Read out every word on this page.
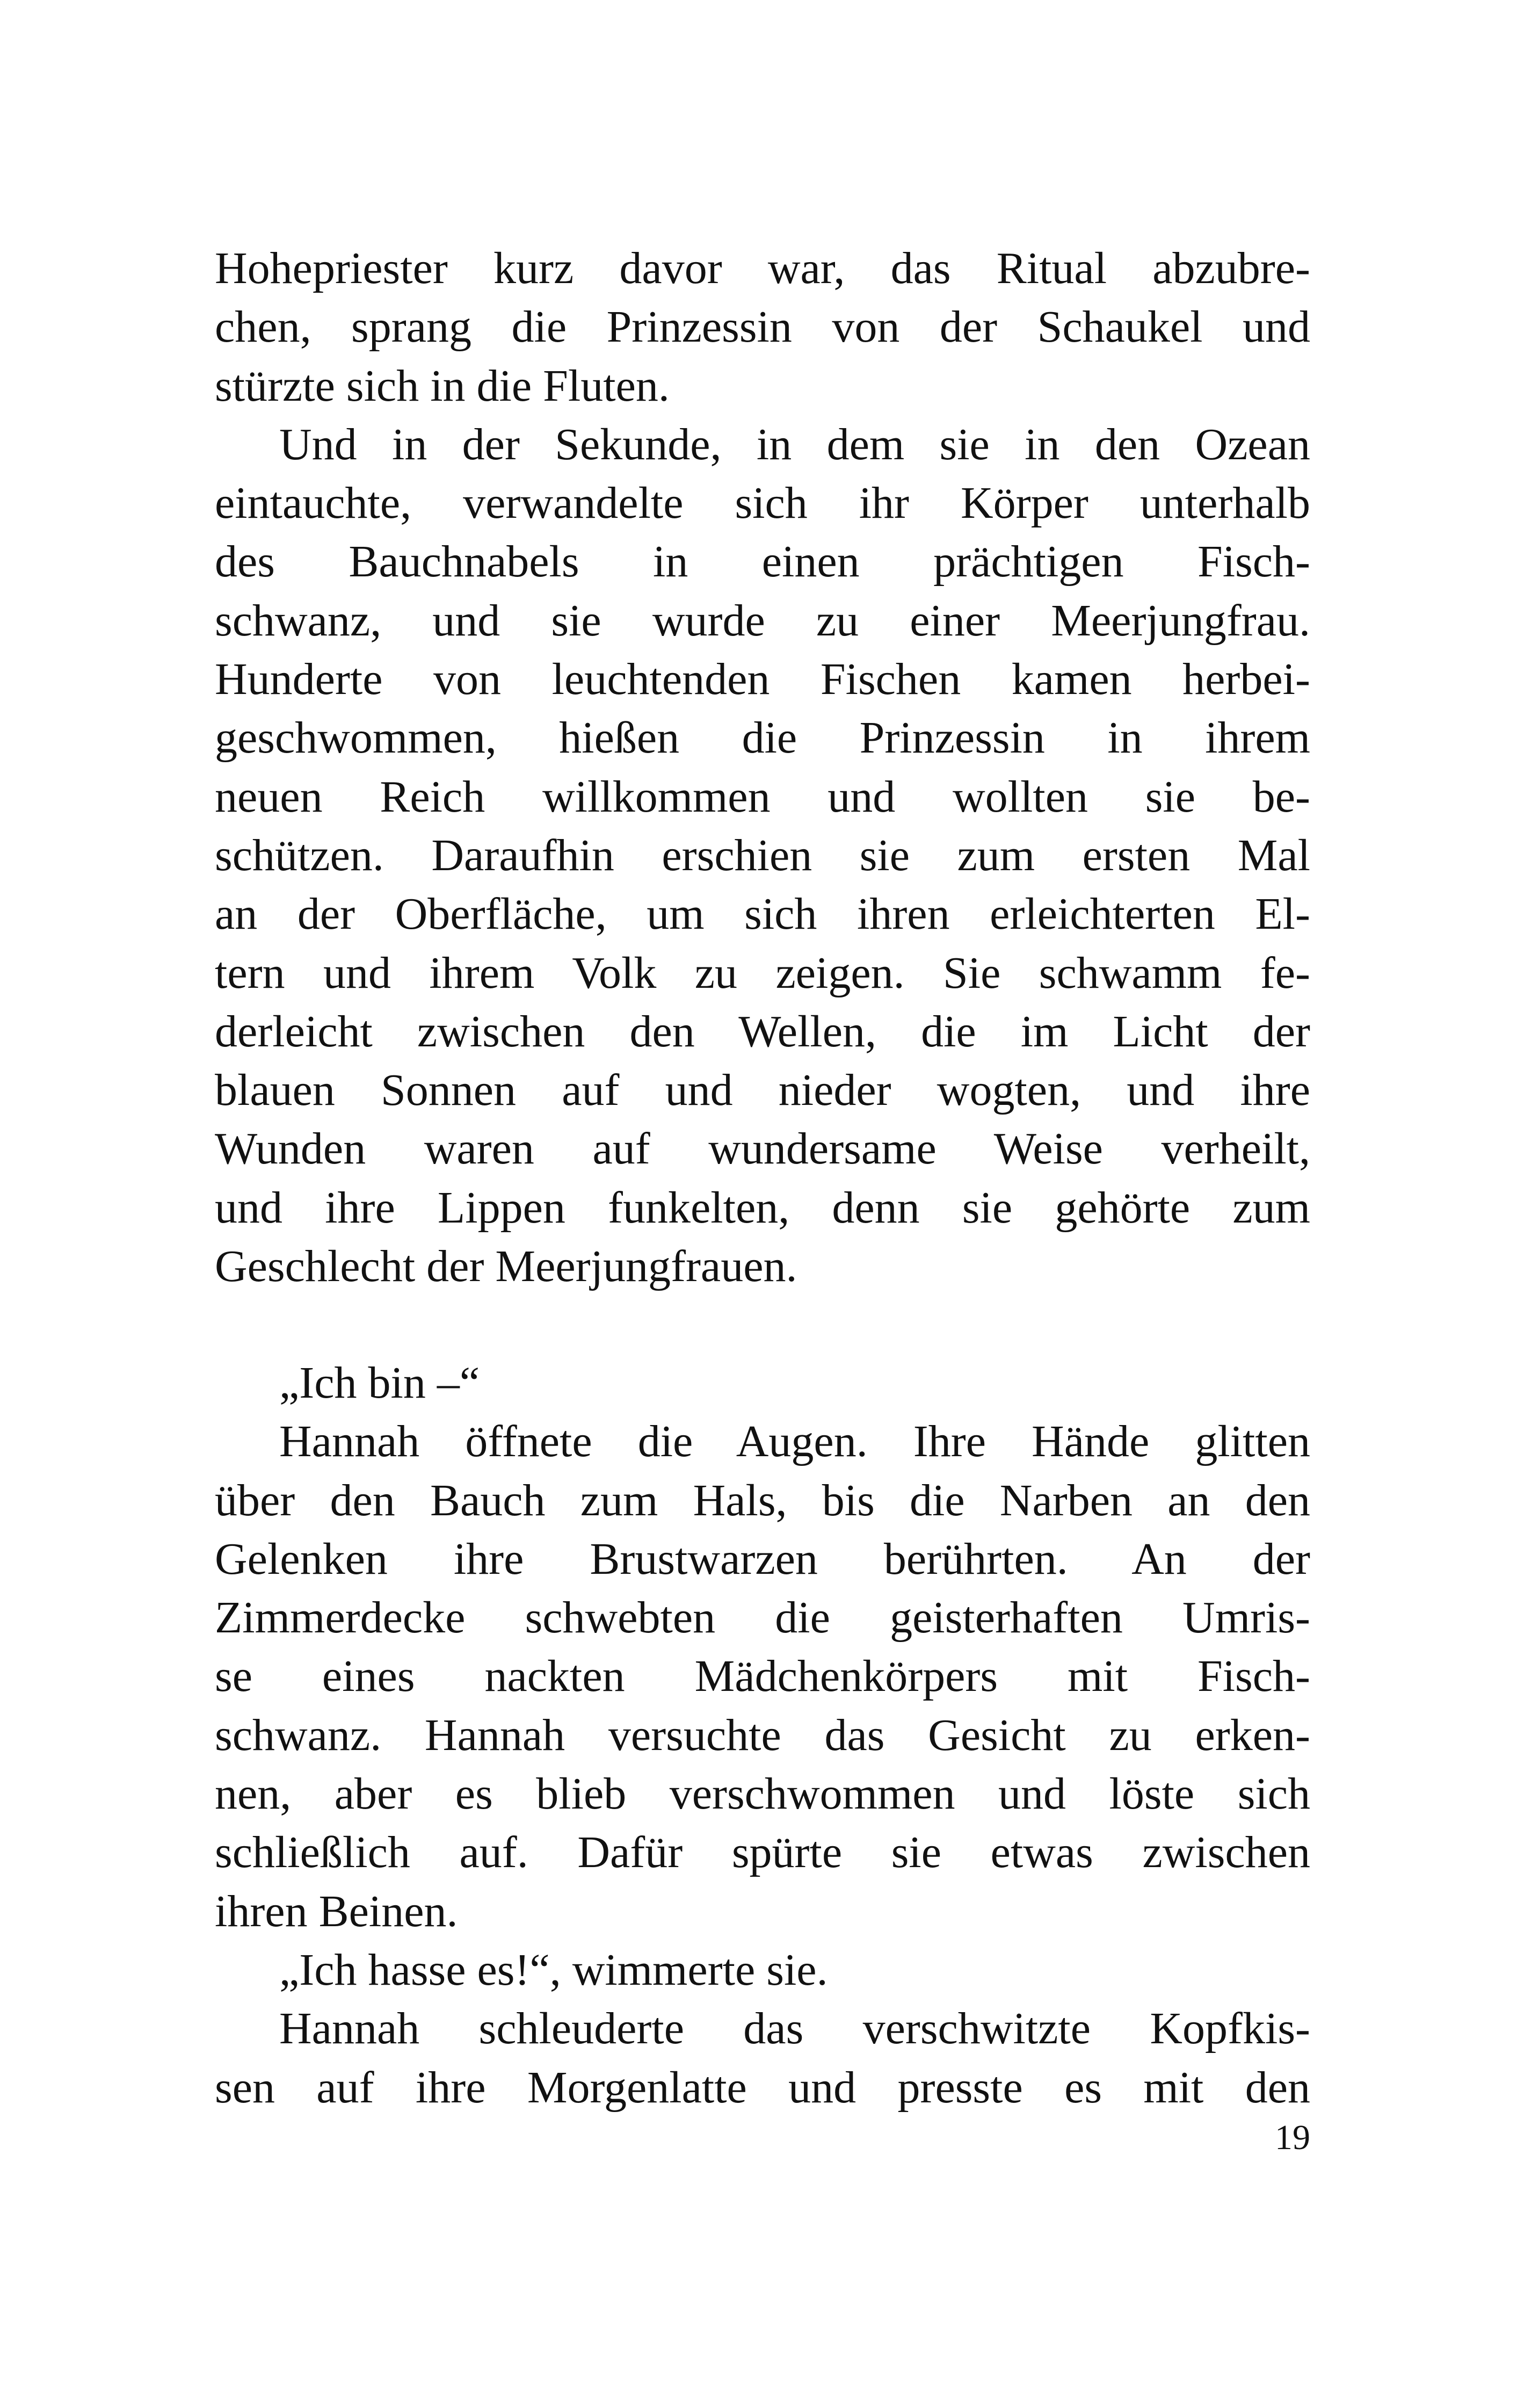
Hohepriester kurz davor war, das Ritual abzubre-
chen, sprang die Prinzessin von der Schaukel und
stürzte sich in die Fluten.
Und in der Sekunde, in dem sie in den Ozean
eintauchte, verwandelte sich ihr Körper unterhalb
des Bauchnabels in einen prächtigen Fisch-
schwanz, und sie wurde zu einer Meerjungfrau.
Hunderte von leuchtenden Fischen kamen herbei-
geschwommen, hießen die Prinzessin in ihrem
neuen Reich willkommen und wollten sie be-
schützen. Daraufhin erschien sie zum ersten Mal
an der Oberfläche, um sich ihren erleichterten El-
tern und ihrem Volk zu zeigen. Sie schwamm fe-
derleicht zwischen den Wellen, die im Licht der
blauen Sonnen auf und nieder wogten, und ihre
Wunden waren auf wundersame Weise verheilt,
und ihre Lippen funkelten, denn sie gehörte zum
Geschlecht der Meerjungfrauen.
„Ich bin –“
Hannah öffnete die Augen. Ihre Hände glitten
über den Bauch zum Hals, bis die Narben an den
Gelenken ihre Brustwarzen berührten. An der
Zimmerdecke schwebten die geisterhaften Umris-
se eines nackten Mädchenkörpers mit Fisch-
schwanz. Hannah versuchte das Gesicht zu erken-
nen, aber es blieb verschwommen und löste sich
schließlich auf. Dafür spürte sie etwas zwischen
ihren Beinen.
„Ich hasse es!“, wimmerte sie.
Hannah schleuderte das verschwitzte Kopfkis-
sen auf ihre Morgenlatte und presste es mit den
19
